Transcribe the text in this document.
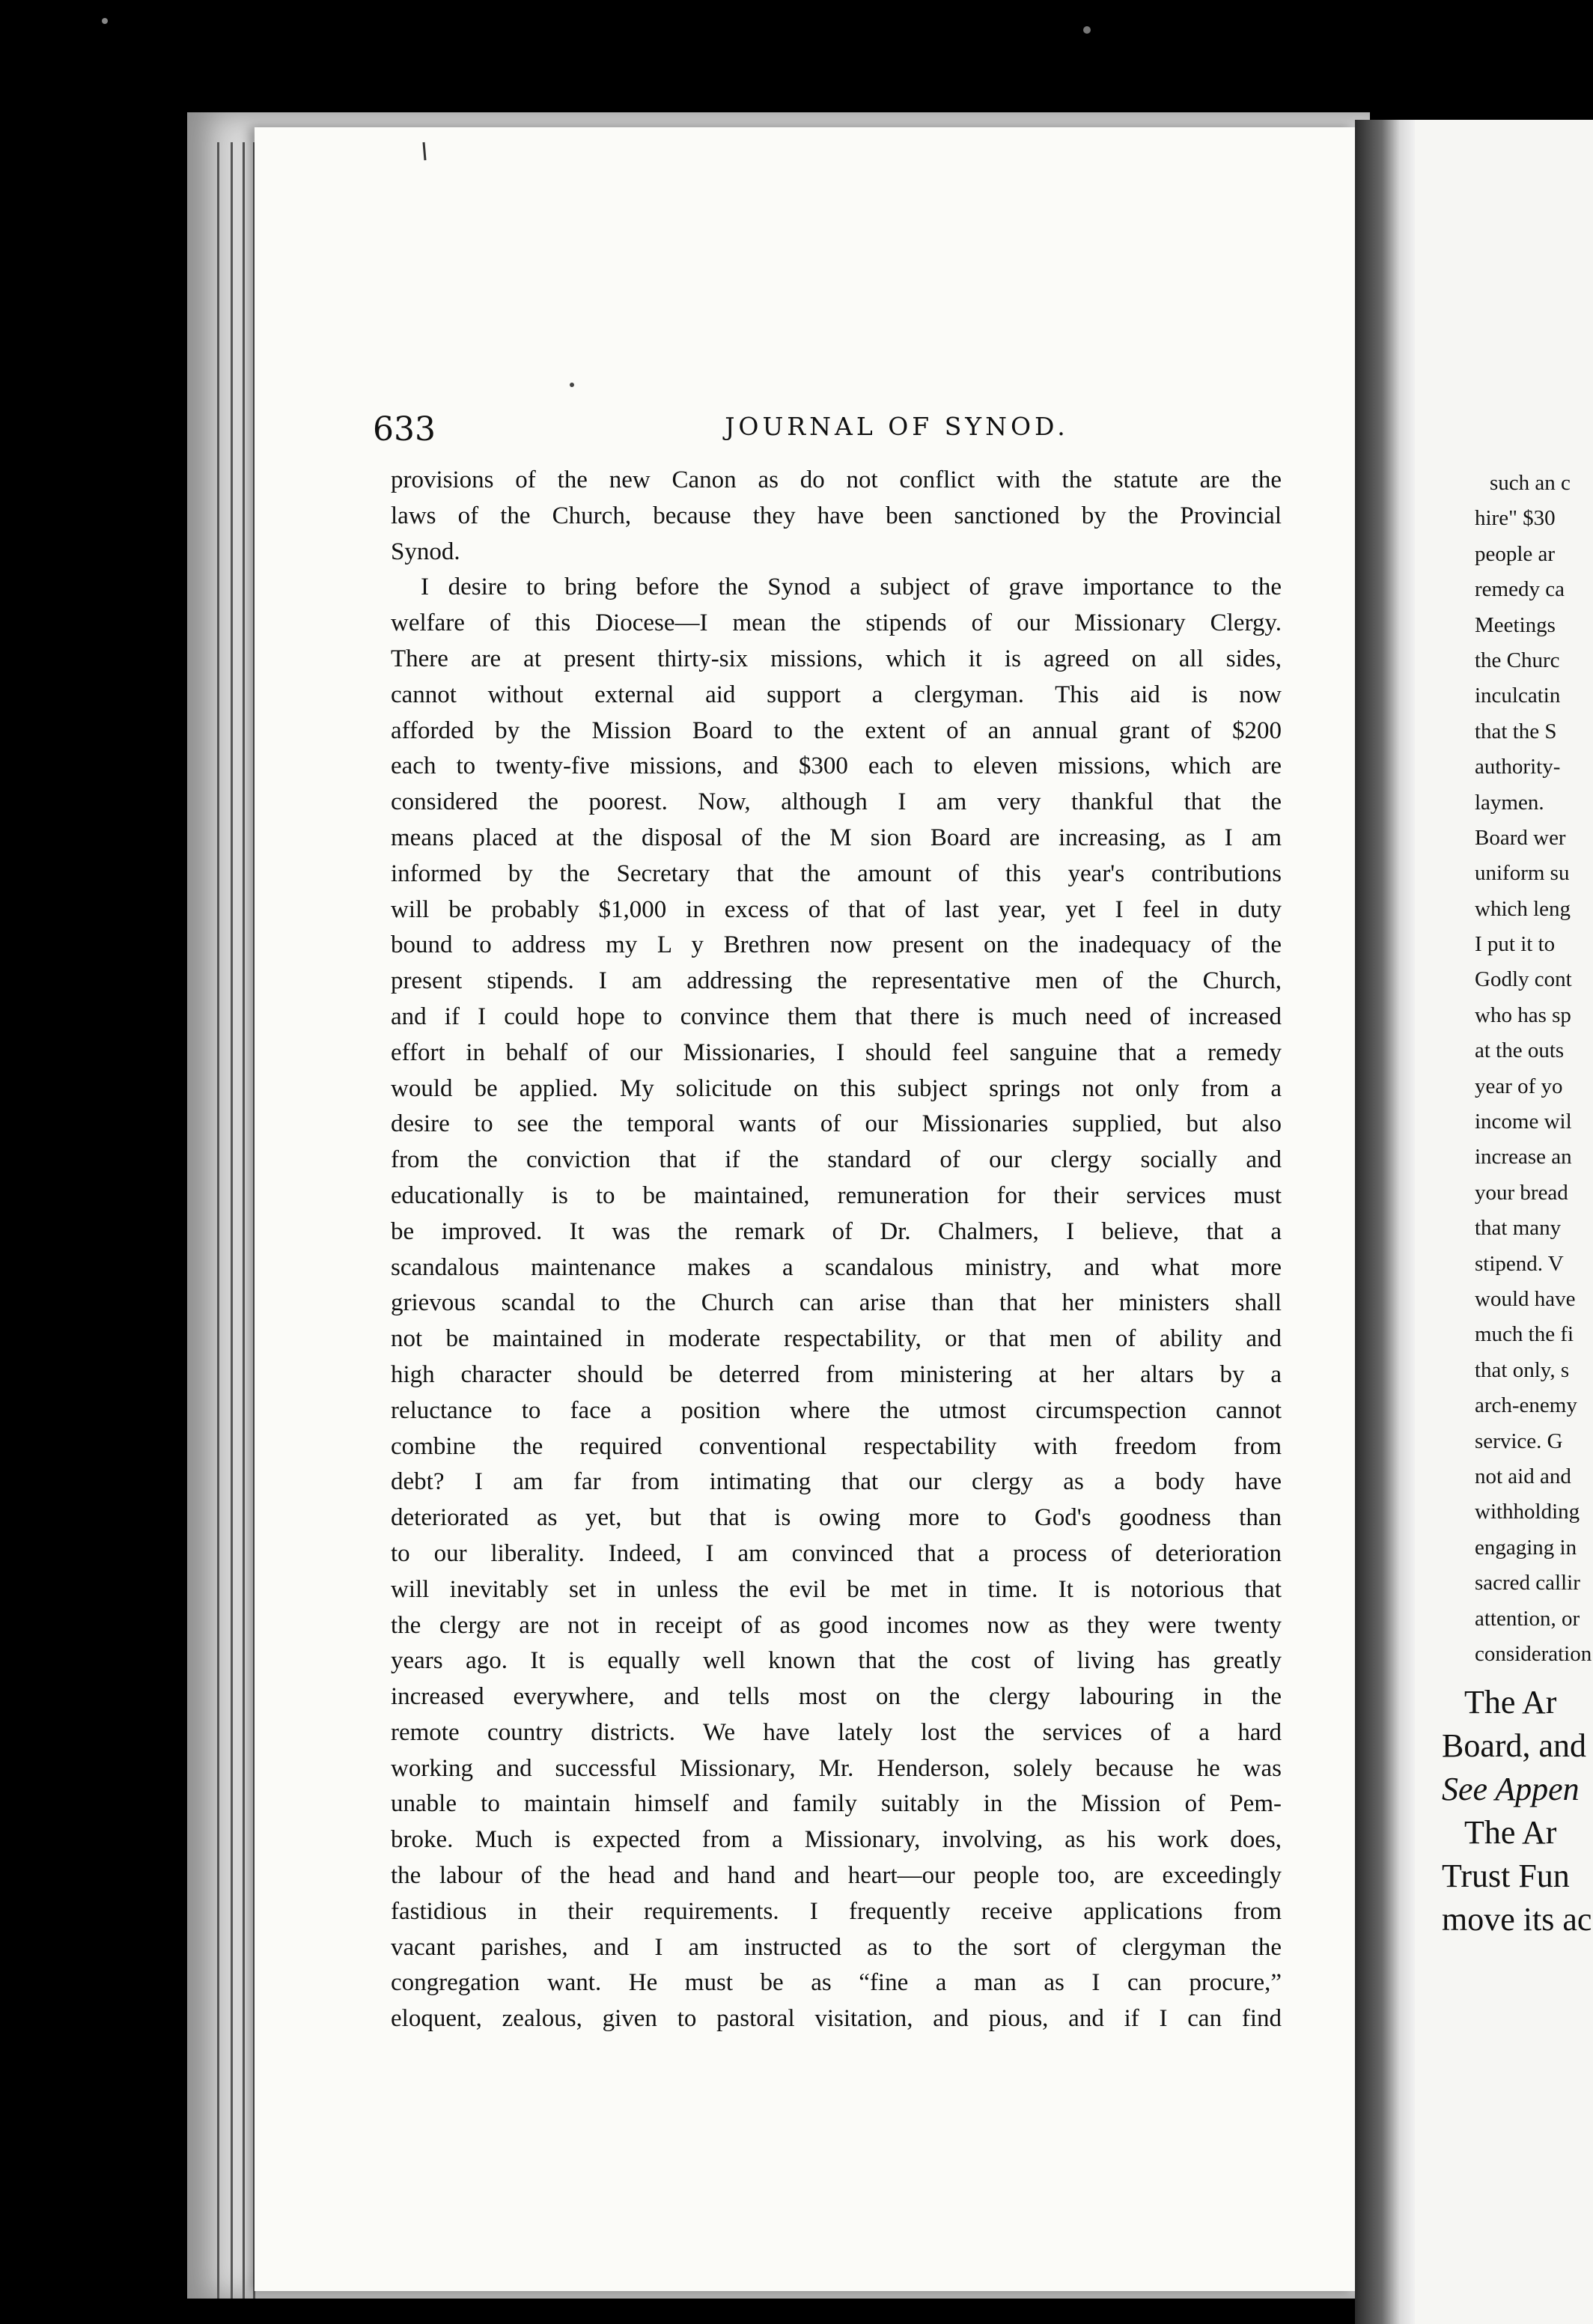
633	JOURNAL OF SYNOD.
provisions of the new Canon as do not conflict with the statute are the
laws of the Church, because they have been sanctioned by the Provincial
Synod.
I desire to bring before the Synod a subject of grave importance to the
welfare of this Diocese—I mean the stipends of our Missionary Clergy.
There are at present thirty-six missions, which it is agreed on all sides,
cannot without external aid support a clergyman. This aid is now
afforded by the Mission Board to the extent of an annual grant of $200
each to twenty-five missions, and $300 each to eleven missions, which are
considered the poorest. Now, although I am very thankful that the
means placed at the disposal of the M sion Board are increasing, as I am
informed by the Secretary that the amount of this year's contributions
will be probably $1,000 in excess of that of last year, yet I feel in duty
bound to address my L y Brethren now present on the inadequacy of the
present stipends. I am addressing the representative men of the Church,
and if I could hope to convince them that there is much need of increased
effort in behalf of our Missionaries, I should feel sanguine that a remedy
would be applied. My solicitude on this subject springs not only from a
desire to see the temporal wants of our Missionaries supplied, but also
from the conviction that if the standard of our clergy socially and
educationally is to be maintained, remuneration for their services must
be improved. It was the remark of Dr. Chalmers, I believe, that a
scandalous maintenance makes a scandalous ministry, and what more
grievous scandal to the Church can arise than that her ministers shall
not be maintained in moderate respectability, or that men of ability and
high character should be deterred from ministering at her altars by a
reluctance to face a position where the utmost circumspection cannot
combine the required conventional respectability with freedom from
debt? I am far from intimating that our clergy as a body have
deteriorated as yet, but that is owing more to God's goodness than
to our liberality. Indeed, I am convinced that a process of deterioration
will inevitably set in unless the evil be met in time. It is notorious that
the clergy are not in receipt of as good incomes now as they were twenty
years ago. It is equally well known that the cost of living has greatly
increased everywhere, and tells most on the clergy labouring in the
remote country districts. We have lately lost the services of a hard
working and successful Missionary, Mr. Henderson, solely because he was
unable to maintain himself and family suitably in the Mission of Pem-
broke. Much is expected from a Missionary, involving, as his work does,
the labour of the head and hand and heart—our people too, are exceedingly
fastidious in their requirements. I frequently receive applications from
vacant parishes, and I am instructed as to the sort of clergyman the
congregation want. He must be as “fine a man as I can procure,”
eloquent, zealous, given to pastoral visitation, and pious, and if I can find
such an c
hire" $30
people ar
remedy ca
Meetings
the Churc
inculcatin
that the S
authority-
laymen.
Board wer
uniform su
which leng
I put it to
Godly cont
who has sp
at the outs
year of yo
income wil
increase an
your bread
that many
stipend. V
would have
much the fi
that only, s
arch-enemy
service. G
not aid and
withholding
engaging in
sacred callir
attention, or
consideration
The Ar
Board, and
See Appen
The Ar
Trust Fun
move its ac
